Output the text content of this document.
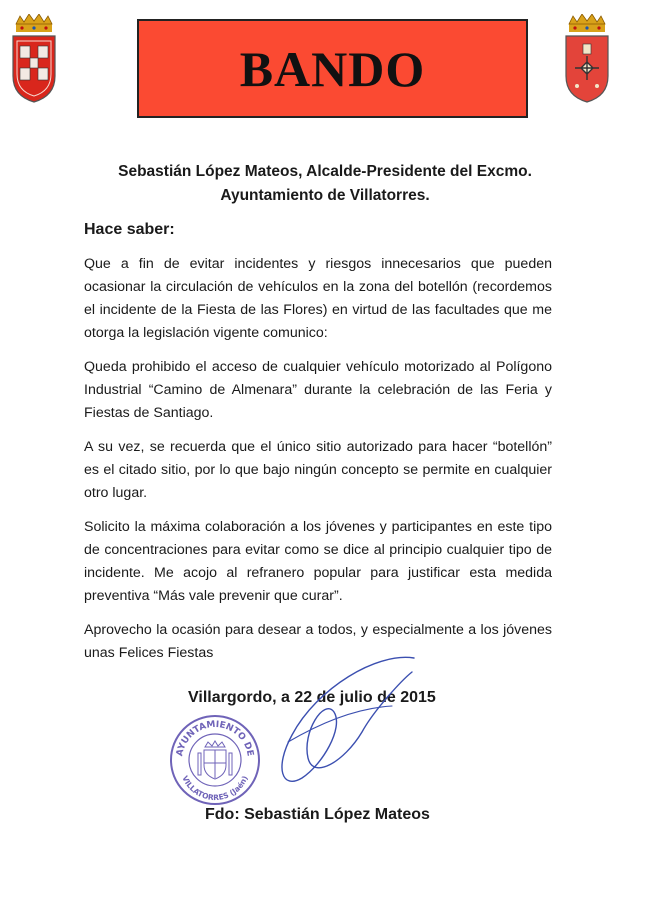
BANDO
Sebastián López Mateos, Alcalde-Presidente del Excmo.
Ayuntamiento de Villatorres.
Hace saber:

Que a fin de evitar incidentes y riesgos innecesarios que pueden ocasionar la circulación de vehículos en la zona del botellón (recordemos el incidente de la Fiesta de las Flores) en virtud de las facultades que me otorga la legislación vigente comunico:

Queda prohibido el acceso de cualquier vehículo motorizado al Polígono Industrial “Camino de Almenara” durante la celebración de las Feria y Fiestas de Santiago.

A su vez, se recuerda que el único sitio autorizado para hacer “botellón” es el citado sitio, por lo que bajo ningún concepto se permite en cualquier otro lugar.

Solicito la máxima colaboración a los jóvenes y participantes en este tipo de concentraciones para evitar como se dice al principio cualquier tipo de incidente. Me acojo al refranero popular para justificar esta medida preventiva “Más vale prevenir que curar”.

Aprovecho la ocasión para desear a todos, y especialmente a los jóvenes unas Felices Fiestas

Villargordo, a 22 de julio de 2015
AYUNTAMIENTO DE
VILLATORRES (Jaén)
Fdo: Sebastián López Mateos
